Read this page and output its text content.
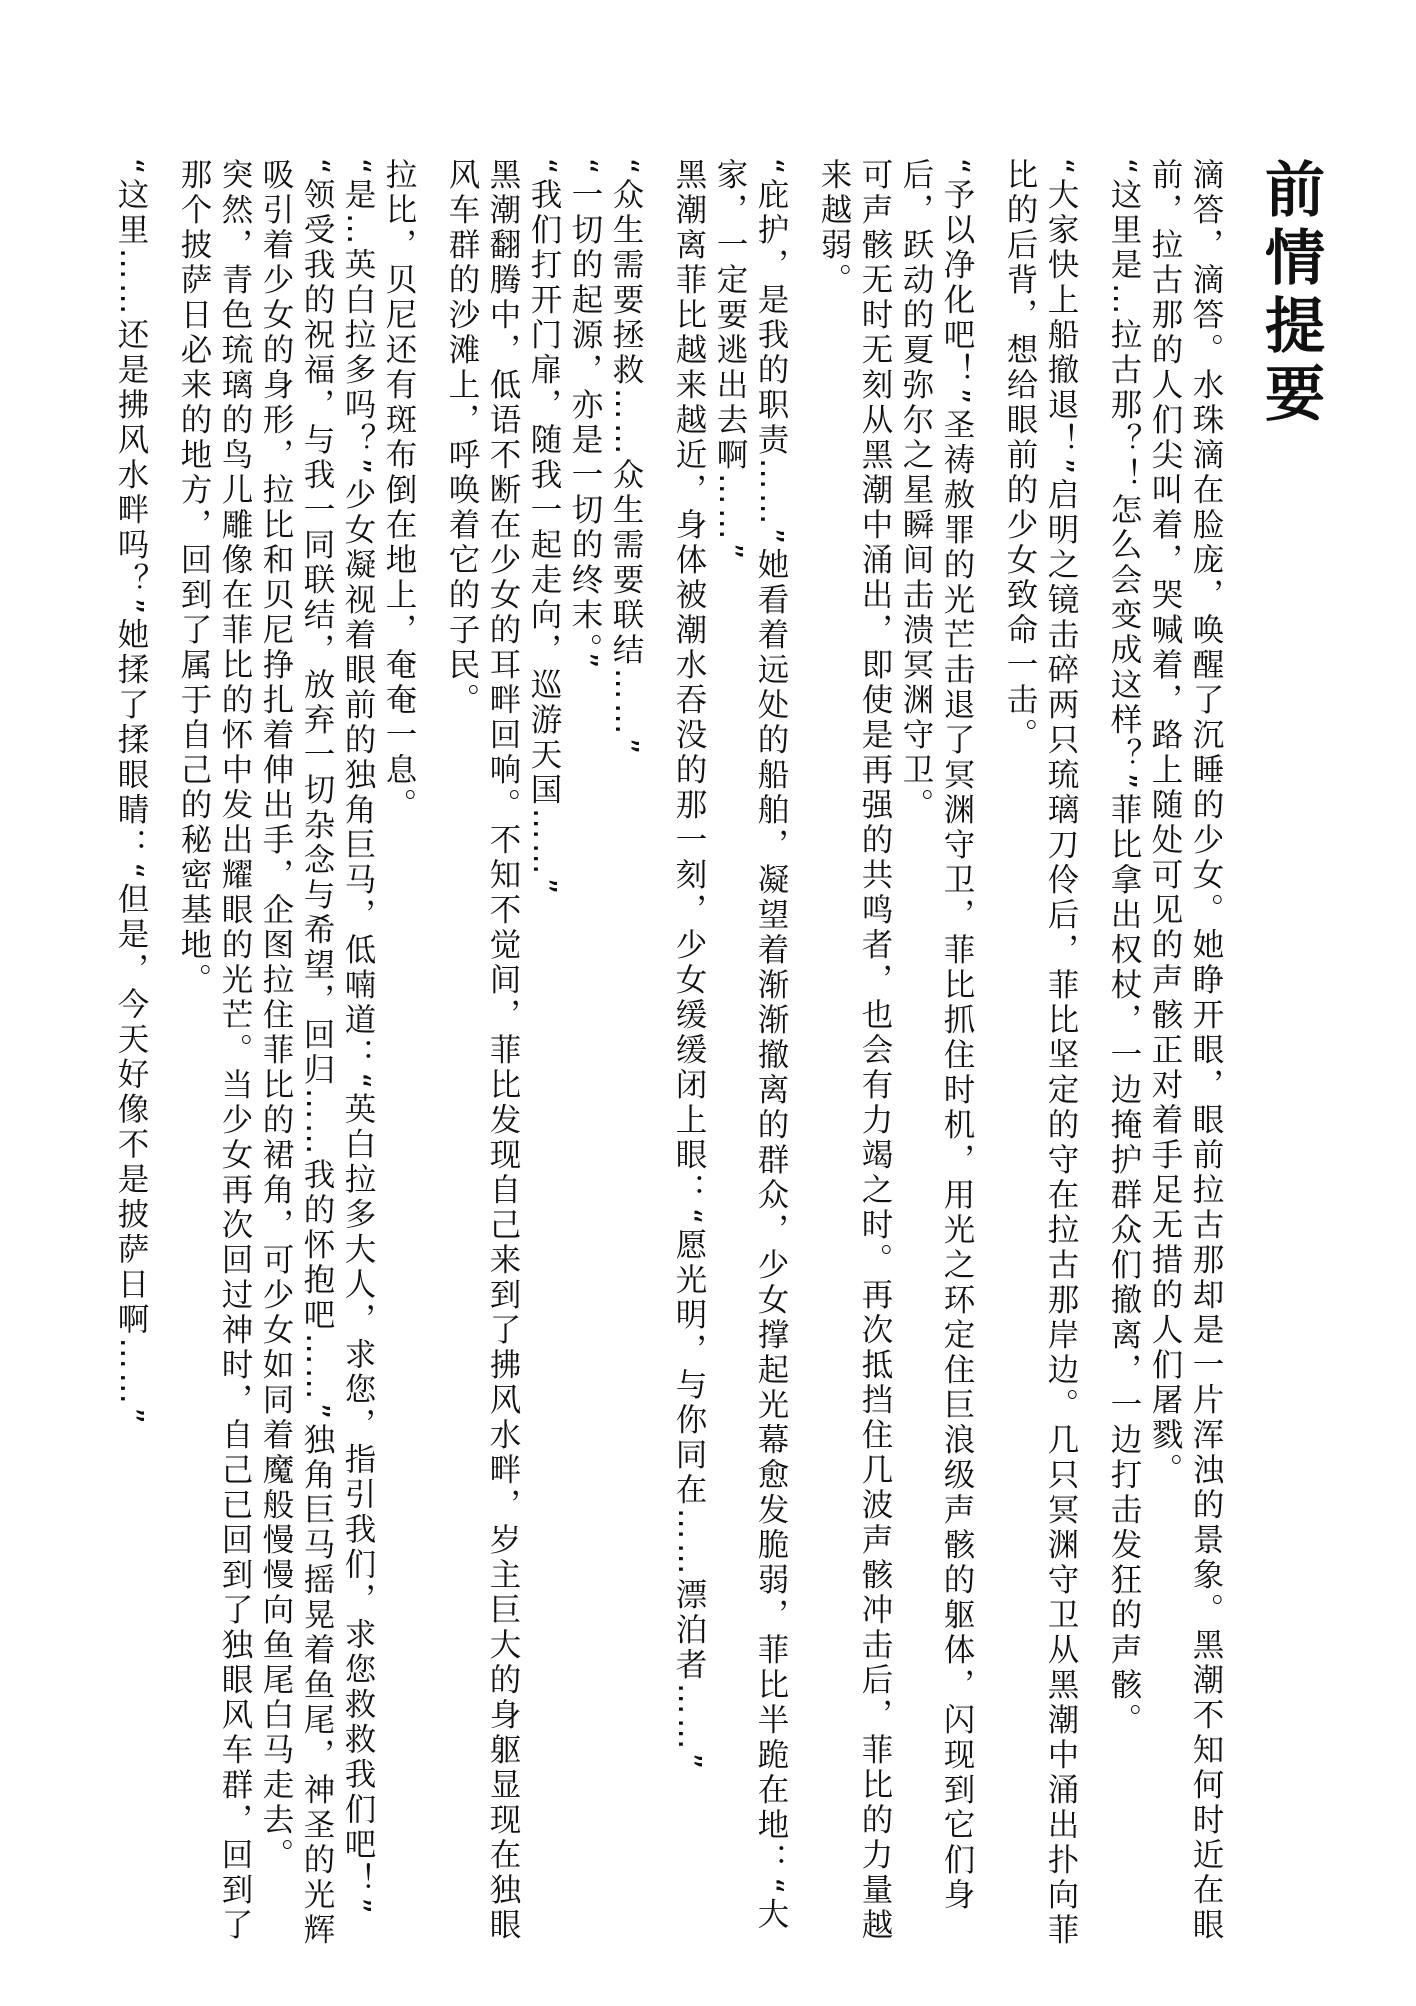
前情提要

滴答，滴答。水珠滴在脸庞，唤醒了沉睡的少女。她睁开眼，眼前拉古那却是一片浑浊的景象。黑潮不知何时近在眼前，拉古那的人们尖叫着，哭喊着，路上随处可见的声骸正对着手足无措的人们屠戮。

“这里是…拉古那？！怎么会变成这样？”菲比拿出权杖，一边掩护群众们撤离，一边打击发狂的声骸。

“大家快上船撤退！”启明之镜击碎两只琉璃刀伶后，菲比坚定的守在拉古那岸边。几只冥渊守卫从黑潮中涌出扑向菲比的后背，想给眼前的少女致命一击。

“予以净化吧！”圣祷赦罪的光芒击退了冥渊守卫，菲比抓住时机，用光之环定住巨浪级声骸的躯体，闪现到它们身后，跃动的夏弥尔之星瞬间击溃冥渊守卫。

可声骸无时无刻从黑潮中涌出，即使是再强的共鸣者，也会有力竭之时。再次抵挡住几波声骸冲击后，菲比的力量越来越弱。

“庇护，是我的职责……”她看着远处的船舶，凝望着渐渐撤离的群众，少女撑起光幕愈发脆弱，菲比半跪在地：“大家，一定要逃出去啊……”

黑潮离菲比越来越近，身体被潮水吞没的那一刻，少女缓缓闭上眼：“愿光明，与你同在……漂泊者……”

“众生需要拯救……众生需要联结……”

“一切的起源，亦是一切的终末。”

“我们打开门扉，随我一起走向，巡游天国……”

黑潮翻腾中，低语不断在少女的耳畔回响。不知不觉间，菲比发现自己来到了拂风水畔，岁主巨大的身躯显现在独眼风车群的沙滩上，呼唤着它的子民。

拉比，贝尼还有斑布倒在地上，奄奄一息。

“是…英白拉多吗？”少女凝视着眼前的独角巨马，低喃道：“英白拉多大人，求您，指引我们，求您救救我们吧！”

“领受我的祝福，与我一同联结，放弃一切杂念与希望，回归……我的怀抱吧……”独角巨马摇晃着鱼尾，神圣的光辉吸引着少女的身形，拉比和贝尼挣扎着伸出手，企图拉住菲比的裙角，可少女如同着魔般慢慢向鱼尾白马走去。

突然，青色琉璃的鸟儿雕像在菲比的怀中发出耀眼的光芒。当少女再次回过神时，自己已回到了独眼风车群，回到了那个披萨日必来的地方，回到了属于自己的秘密基地。

“这里……还是拂风水畔吗？”她揉了揉眼睛：“但是，今天好像不是披萨日啊……”
